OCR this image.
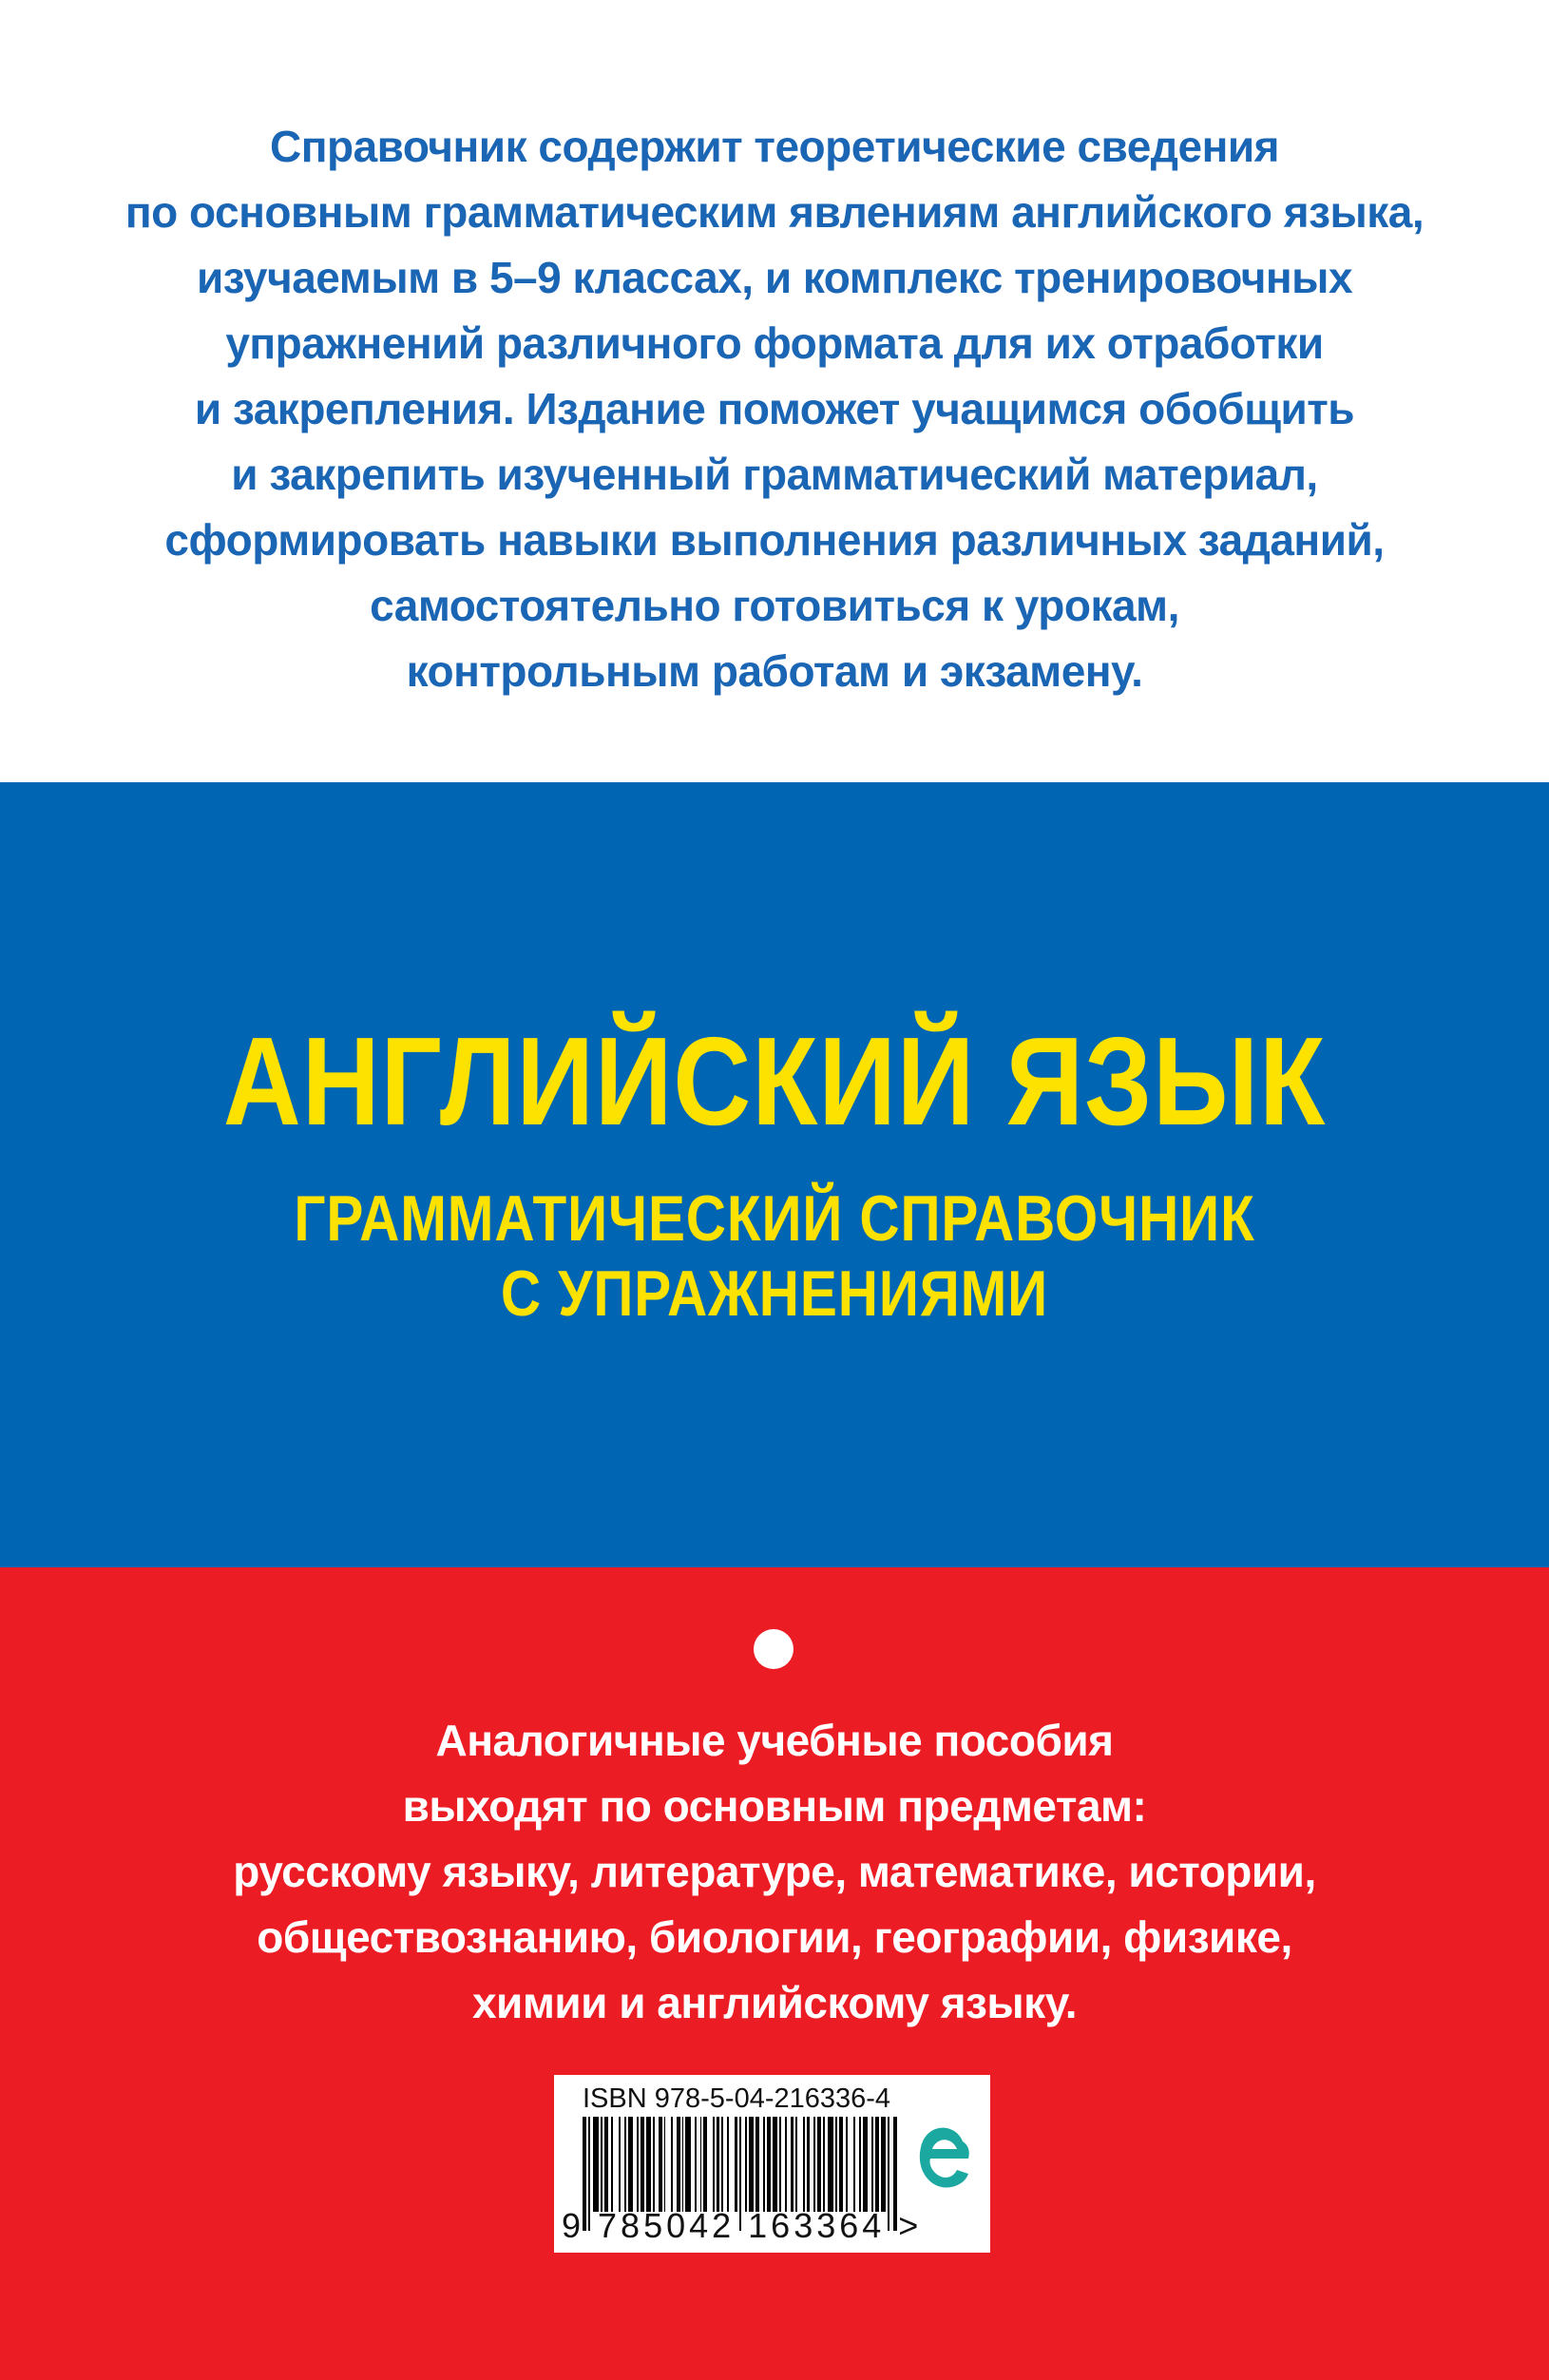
Справочник содержит теоретические сведения
по основным грамматическим явлениям английского языка,
изучаемым в 5–9 классах, и комплекс тренировочных
упражнений различного формата для их отработки
и закрепления. Издание поможет учащимся обобщить
и закрепить изученный грамматический материал,
сформировать навыки выполнения различных заданий,
самостоятельно готовиться к урокам,
контрольным работам и экзамену.
АНГЛИЙСКИЙ ЯЗЫК
ГРАММАТИЧЕСКИЙ СПРАВОЧНИК
С УПРАЖНЕНИЯМИ
Аналогичные учебные пособия
выходят по основным предметам:
русскому языку, литературе, математике, истории,
обществознанию, биологии, географии, физике,
химии и английскому языку.
ISBN 978-5-04-216336-4
9 785042 163364 >
